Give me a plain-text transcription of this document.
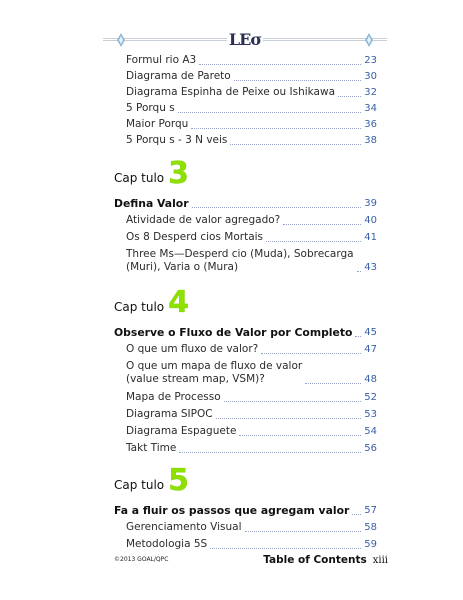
LEσ
Formul rio A3	23
Diagrama de Pareto	30
Diagrama Espinha de Peixe ou Ishikawa	32
5 Porqu s	34
Maior Porqu	36
5 Porqu s - 3 N veis	38
Defina Valor	39
Atividade de valor agregado?	40
Os 8 Desperd cios Mortais	41
Three Ms—Desperd cio (Muda), Sobrecarga
(Muri), Varia o (Mura)	43
Observe o Fluxo de Valor por Completo 45
O que um fluxo de valor?	47
O que um mapa de fluxo de valor
(value stream map, VSM)?	48
Mapa de Processo	52
Diagrama SIPOC	53
Diagrama Espaguete	54
Takt Time	56
Fa a fluir os passos que agregam valor 57
Gerenciamento Visual	58
Metodologia 5S	59
Cap tulo 3
Cap tulo 4
Cap tulo 5
©2013 GOAL/QPC	Table of Contents xiii
